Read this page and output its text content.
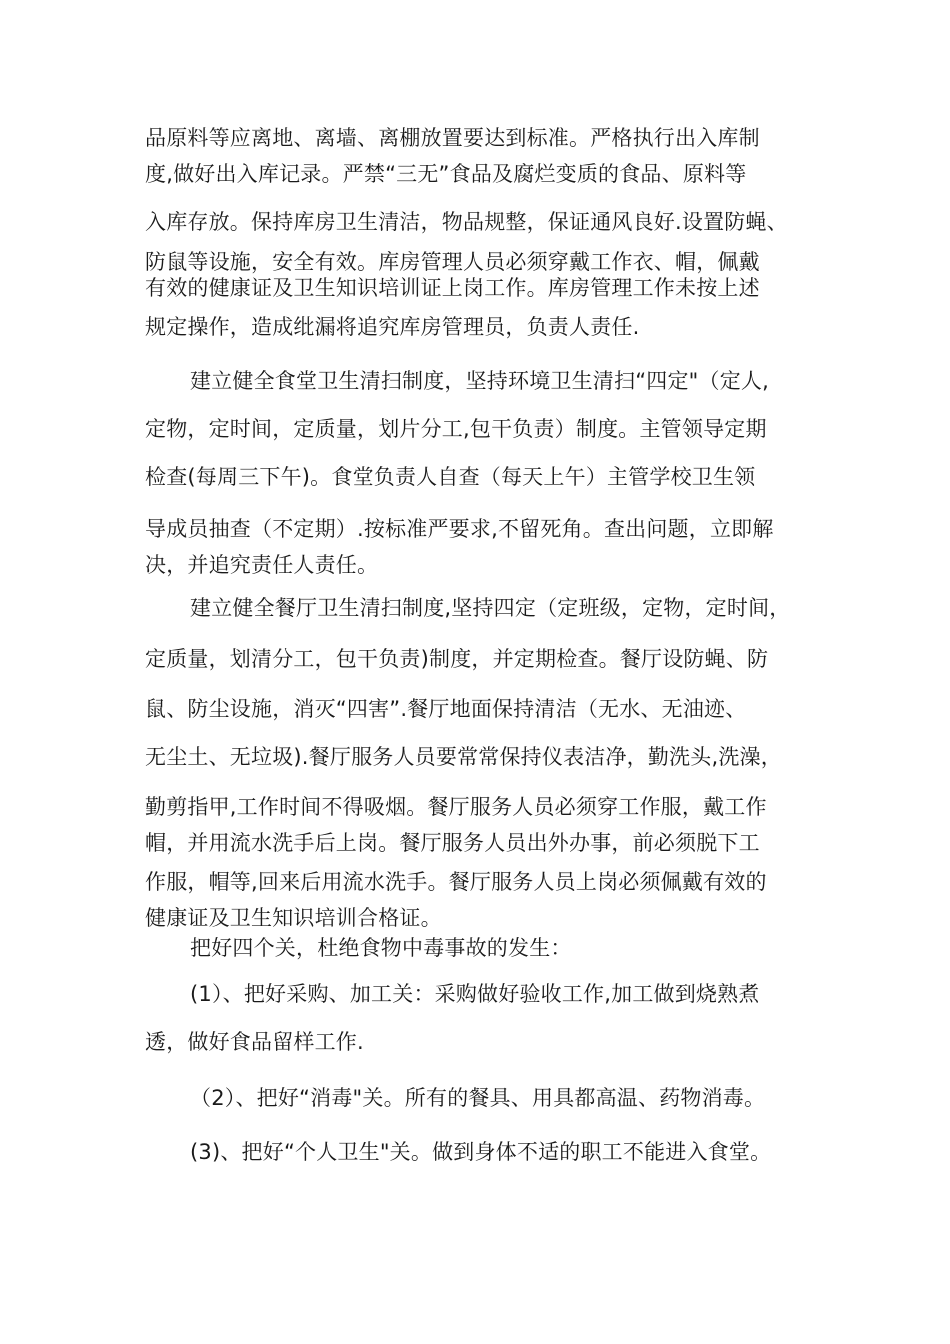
品原料等应离地、离墙、离棚放置要达到标准。严格执行出入库制
度,做好出入库记录。严禁“三无”食品及腐烂变质的食品、原料等
入库存放。保持库房卫生清洁，物品规整，保证通风良好.设置防蝇、
防鼠等设施，安全有效。库房管理人员必须穿戴工作衣、帽，佩戴
有效的健康证及卫生知识培训证上岗工作。库房管理工作未按上述
规定操作，造成纰漏将追究库房管理员，负责人责任.
建立健全食堂卫生清扫制度，坚持环境卫生清扫“四定"（定人,
定物，定时间，定质量，划片分工,包干负责）制度。主管领导定期
检查(每周三下午)。食堂负责人自查（每天上午）主管学校卫生领
导成员抽查（不定期）.按标准严要求,不留死角。查出问题，立即解
决，并追究责任人责任。
建立健全餐厅卫生清扫制度,坚持四定（定班级，定物，定时间，
定质量，划清分工，包干负责)制度，并定期检查。餐厅设防蝇、防
鼠、防尘设施，消灭“四害”.餐厅地面保持清洁（无水、无油迹、
无尘土、无垃圾).餐厅服务人员要常常保持仪表洁净，勤洗头,洗澡，
勤剪指甲,工作时间不得吸烟。餐厅服务人员必须穿工作服，戴工作
帽，并用流水洗手后上岗。餐厅服务人员出外办事，前必须脱下工
作服，帽等,回来后用流水洗手。餐厅服务人员上岗必须佩戴有效的
健康证及卫生知识培训合格证。
把好四个关，杜绝食物中毒事故的发生：
(1）、把好采购、加工关：采购做好验收工作,加工做到烧熟煮
透，做好食品留样工作.
（2）、把好“消毒"关。所有的餐具、用具都高温、药物消毒。
(3)、把好“个人卫生"关。做到身体不适的职工不能进入食堂。
